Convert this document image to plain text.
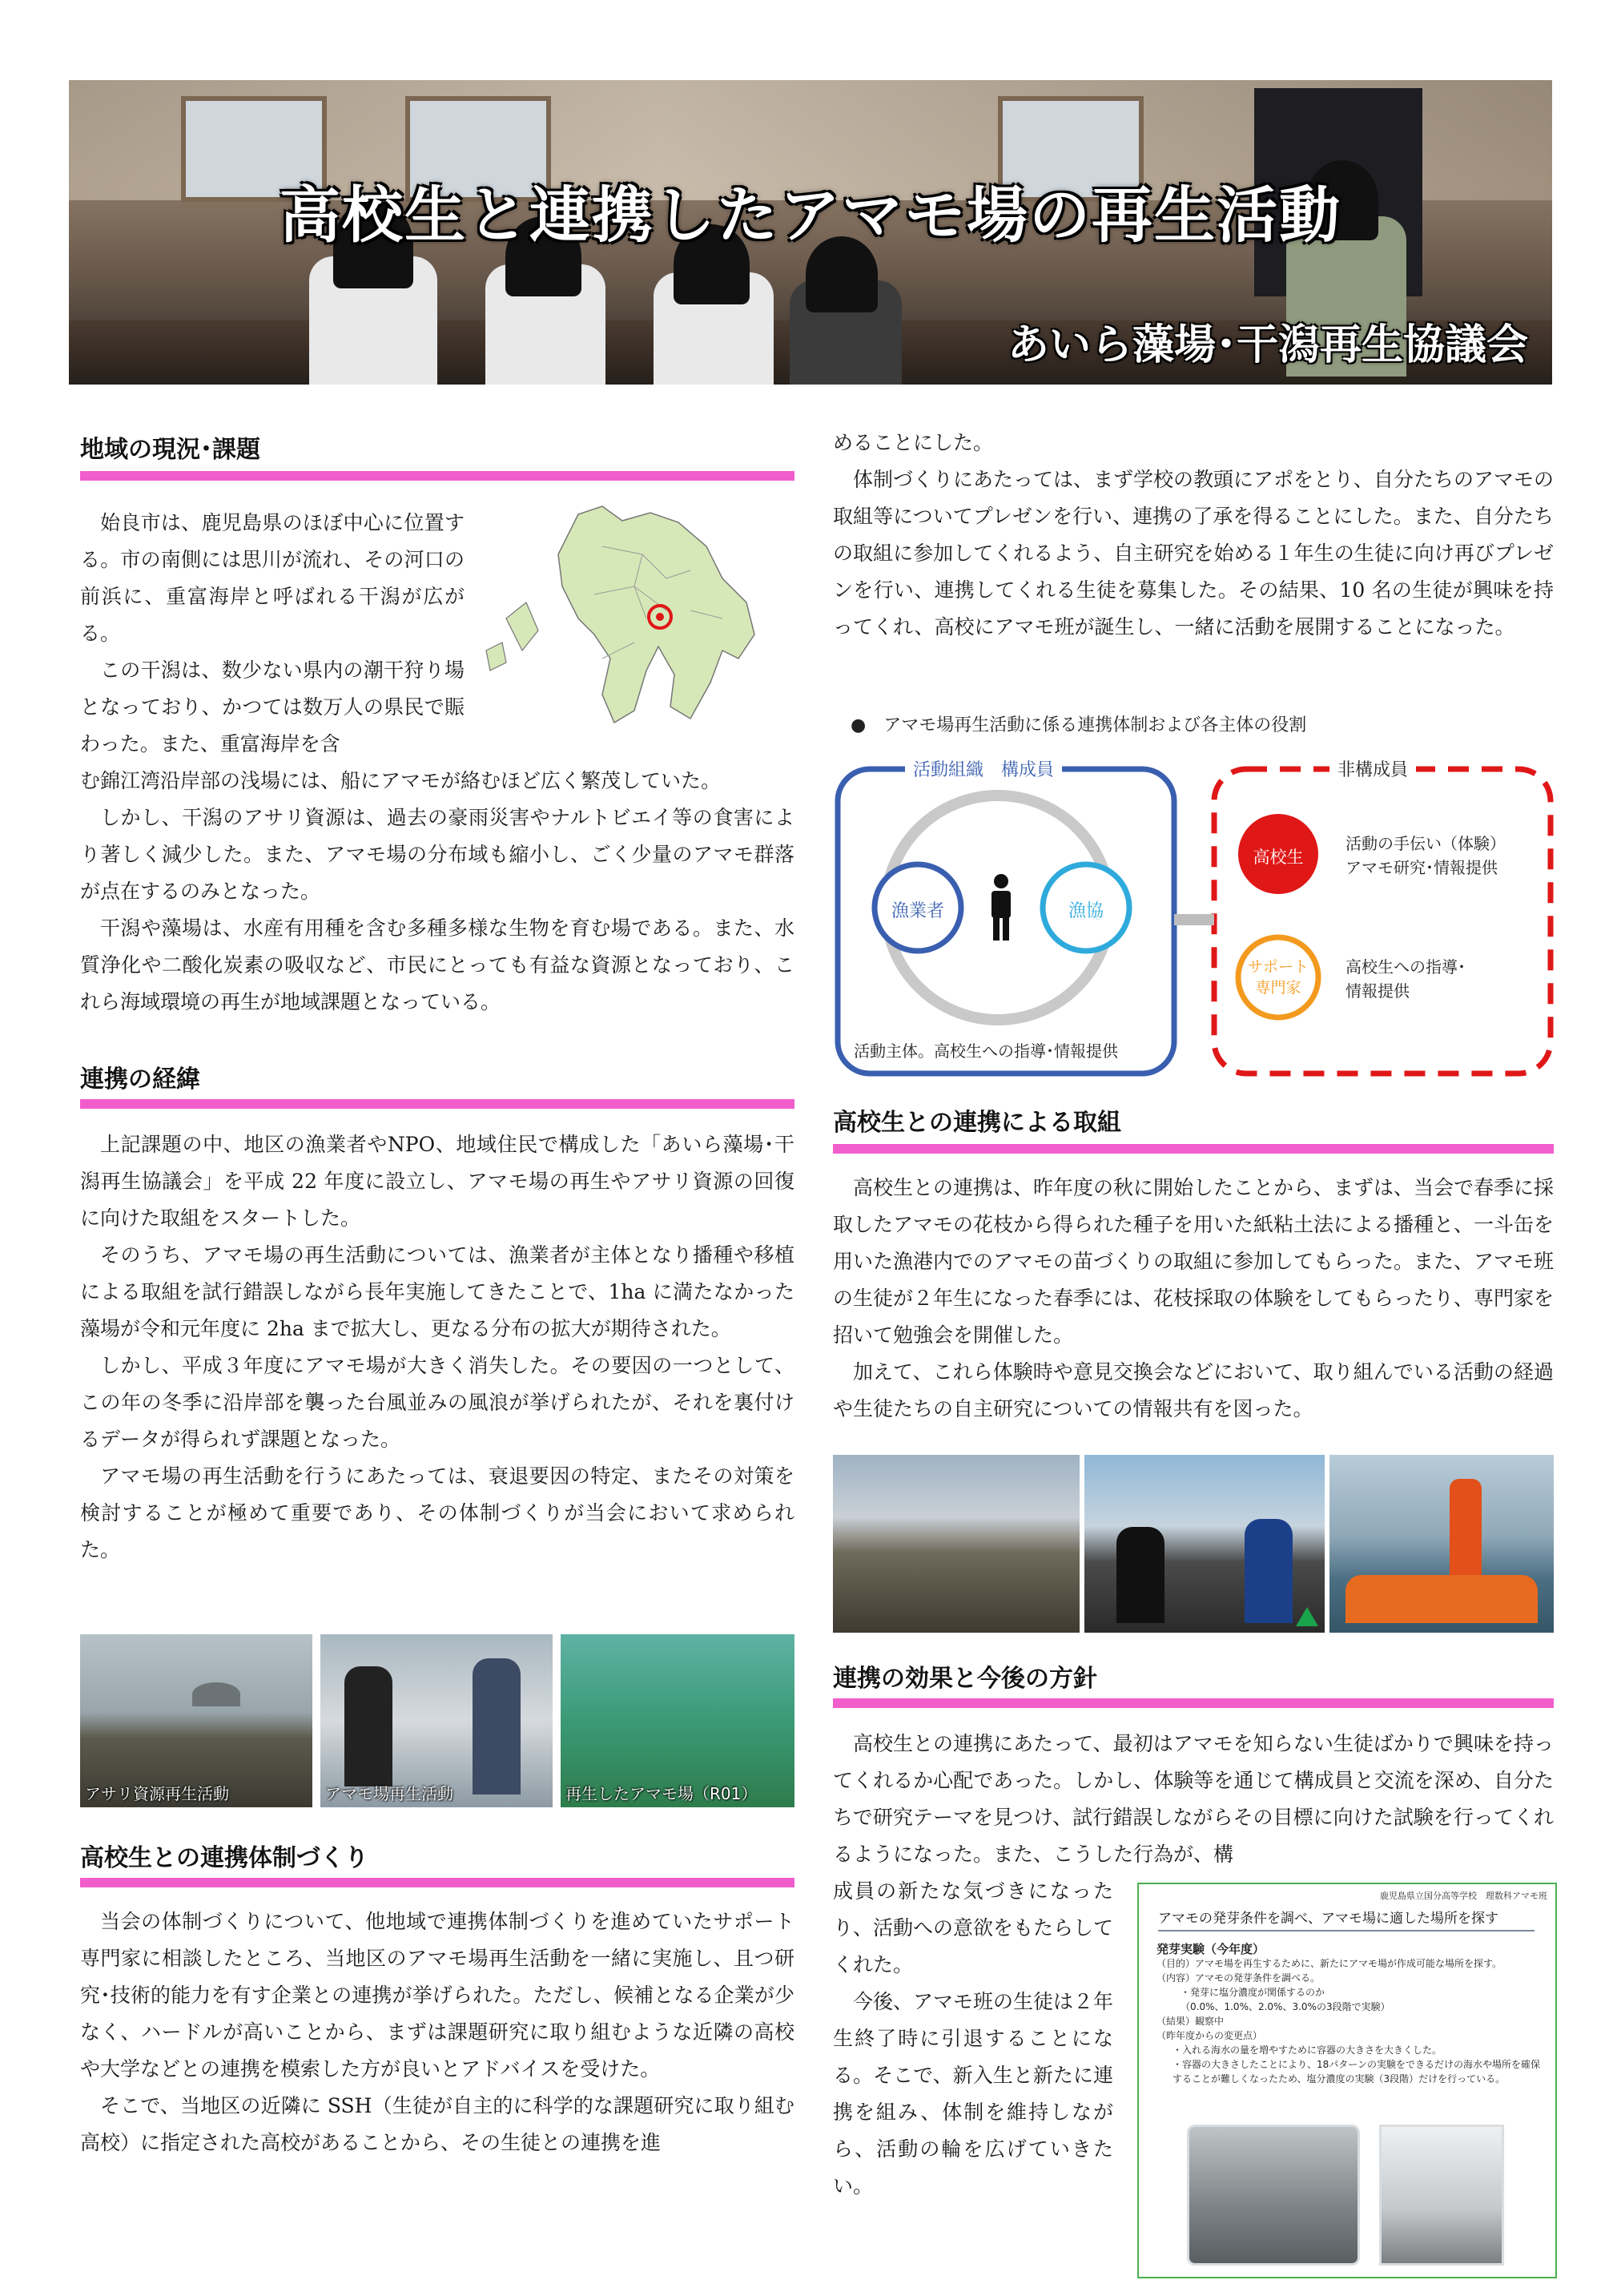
高校生と連携したアマモ場の再生活動
あいら藻場･干潟再生協議会
地域の現況･課題

始良市は、鹿児島県のほぼ中心に位置する。市の南側には思川が流れ、その河口の前浜に、重富海岸と呼ばれる干潟が広がる。

この干潟は、数少ない県内の潮干狩り場となっており、かつては数万人の県民で賑わった。また、重富海岸を含

む錦江湾沿岸部の浅場には、船にアマモが絡むほど広く繁茂していた。

しかし、干潟のアサリ資源は、過去の豪雨災害やナルトビエイ等の食害により著しく減少した。また、アマモ場の分布域も縮小し、ごく少量のアマモ群落が点在するのみとなった。

干潟や藻場は、水産有用種を含む多種多様な生物を育む場である。また、水質浄化や二酸化炭素の吸収など、市民にとっても有益な資源となっており、これら海域環境の再生が地域課題となっている。

連携の経緯

上記課題の中、地区の漁業者やNPO、地域住民で構成した「あいら藻場･干潟再生協議会」を平成 22 年度に設立し、アマモ場の再生やアサリ資源の回復に向けた取組をスタートした。

そのうち、アマモ場の再生活動については、漁業者が主体となり播種や移植による取組を試行錯誤しながら長年実施してきたことで、1ha に満たなかった藻場が令和元年度に 2ha まで拡大し、更なる分布の拡大が期待された。

しかし、平成３年度にアマモ場が大きく消失した。その要因の一つとして、この年の冬季に沿岸部を襲った台風並みの風浪が挙げられたが、それを裏付けるデータが得られず課題となった。

アマモ場の再生活動を行うにあたっては、衰退要因の特定、またその対策を検討することが極めて重要であり、その体制づくりが当会において求められた。

アサリ資源再生活動	アマモ場再生活動	再生したアマモ場（R01）
高校生との連携体制づくり

当会の体制づくりについて、他地域で連携体制づくりを進めていたサポート専門家に相談したところ、当地区のアマモ場再生活動を一緒に実施し、且つ研究･技術的能力を有す企業との連携が挙げられた。ただし、候補となる企業が少なく、ハードルが高いことから、まずは課題研究に取り組むような近隣の高校や大学などとの連携を模索した方が良いとアドバイスを受けた。

そこで、当地区の近隣に SSH（生徒が自主的に科学的な課題研究に取り組む高校）に指定された高校があることから、その生徒との連携を進

めることにした。

体制づくりにあたっては、まず学校の教頭にアポをとり、自分たちのアマモの取組等についてプレゼンを行い、連携の了承を得ることにした。また、自分たちの取組に参加してくれるよう、自主研究を始める１年生の生徒に向け再びプレゼンを行い、連携してくれる生徒を募集した。その結果、10 名の生徒が興味を持ってくれ、高校にアマモ班が誕生し、一緒に活動を展開することになった。

●　アマモ場再生活動に係る連携体制および各主体の役割
活動組織　構成員	非構成員
漁業者	漁協
活動主体。高校生への指導･情報提供
高校生
活動の手伝い（体験）
アマモ研究･情報提供
サポート
専門家
高校生への指導･
情報提供
高校生との連携による取組

高校生との連携は、昨年度の秋に開始したことから、まずは、当会で春季に採取したアマモの花枝から得られた種子を用いた紙粘土法による播種と、一斗缶を用いた漁港内でのアマモの苗づくりの取組に参加してもらった。また、アマモ班の生徒が２年生になった春季には、花枝採取の体験をしてもらったり、専門家を招いて勉強会を開催した。

加えて、これら体験時や意見交換会などにおいて、取り組んでいる活動の経過や生徒たちの自主研究についての情報共有を図った。

連携の効果と今後の方針

高校生との連携にあたって、最初はアマモを知らない生徒ばかりで興味を持ってくれるか心配であった。しかし、体験等を通じて構成員と交流を深め、自分たちで研究テーマを見つけ、試行錯誤しながらその目標に向けた試験を行ってくれるようになった。また、こうした行為が、構

成員の新たな気づきになったり、活動への意欲をもたらしてくれた。

今後、アマモ班の生徒は２年生終了時に引退することになる。そこで、新入生と新たに連携を組み、体制を維持しながら、活動の輪を広げていきたい。

鹿児島県立国分高等学校　理数科アマモ班
アマモの発芽条件を調べ、アマモ場に適した場所を探す
発芽実験（今年度）
（目的）アマモ場を再生するために、新たにアマモ場が作成可能な場所を探す。
（内容）アマモの発芽条件を調べる。
・発芽に塩分濃度が関係するのか
（0.0%、1.0%、2.0%、3.0%の3段階で実験）
（結果）観察中
（昨年度からの変更点）
・入れる海水の量を増やすために容器の大きさを大きくした。
・容器の大きさしたことにより、18パターンの実験をできるだけの海水や場所を確保することが難しくなったため、塩分濃度の実験（3段階）だけを行っている。
